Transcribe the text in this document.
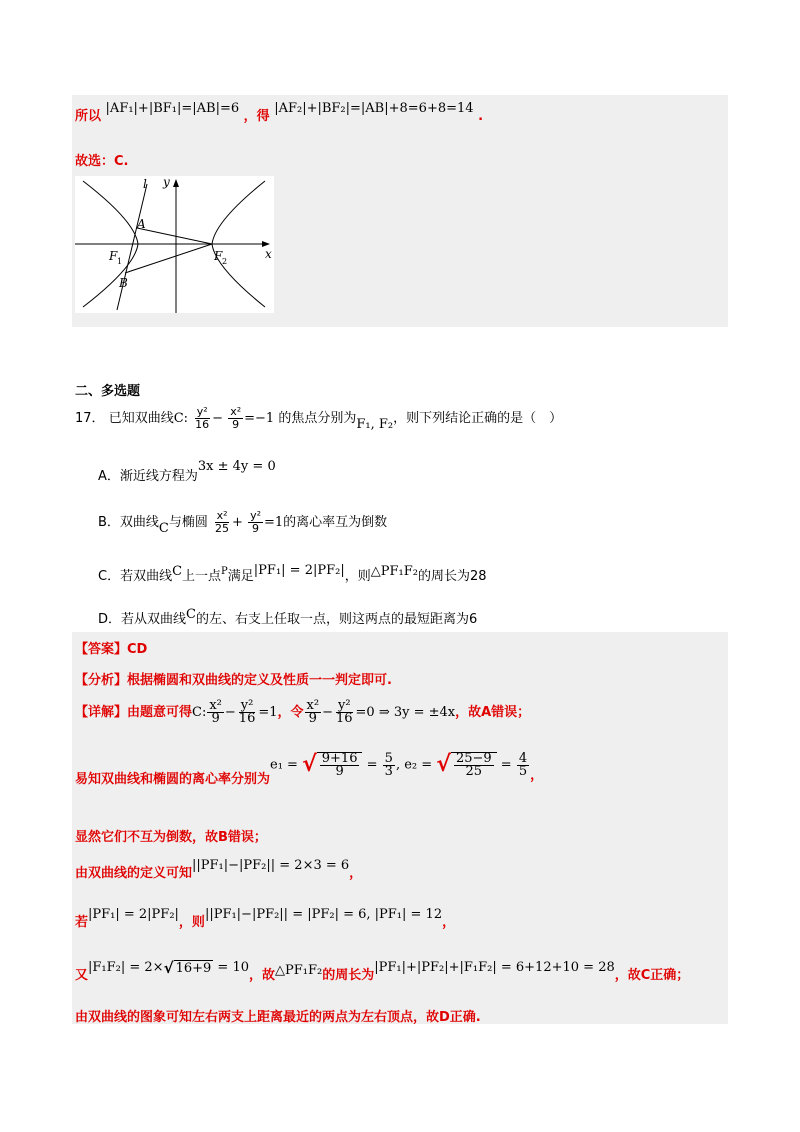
所以 |AF₁|+|BF₁|=|AB|=6 ，得 |AF₂|+|BF₂|=|AB|+8=6+8=14 .
故选：C.
l y
A
F 1	F 2
x
B
二、多选题
17． 已知双曲线C: $\frac{\text{y²}}{16} - \frac{\text{x²}}{9} =-1$ 的焦点分别为F₁, F₂，则下列结论正确的是（　）
A．渐近线方程为3x ± 4y = 0
B．双曲线C与椭圆 $\frac{\text{x²}}{25} + \frac{\text{y²}}{9} =1$的离心率互为倒数
C．若双曲线C上一点$^P$满足|PF₁| = 2|PF₂|，则△PF₁F₂的周长为28
D．若从双曲线C的左、右支上任取一点，则这两点的最短距离为6
【答案】CD
【分析】根据椭圆和双曲线的定义及性质一一判定即可.
【详解】由题意可得C: $\frac{\text{x²}}{9} - \frac{\text{y²}}{16} =1$，令 $\frac{\text{x²}}{9} - \frac{\text{y²}}{16} =0$ ⇒ 3y = ±4x，故A错误；
易知双曲线和椭圆的离心率分别为e₁ = √ $\frac{9+16}{9} = \frac{5}{3}$ , e₂ = √ $\frac{25-9}{25} = \frac{4}{5}$ ，
显然它们不互为倒数，故B错误；
由双曲线的定义可知||PF₁|−|PF₂|| = 2×3 = 6，
若|PF₁| = 2|PF₂|，则||PF₁|−|PF₂|| = |PF₂| = 6, |PF₁| = 12，
又|F₁F₂| = 2× √ 16+9 = 10，故△PF₁F₂的周长为|PF₁|+|PF₂|+|F₁F₂| = 6+12+10 = 28，故C正确；
由双曲线的图象可知左右两支上距离最近的两点为左右顶点，故D正确.
